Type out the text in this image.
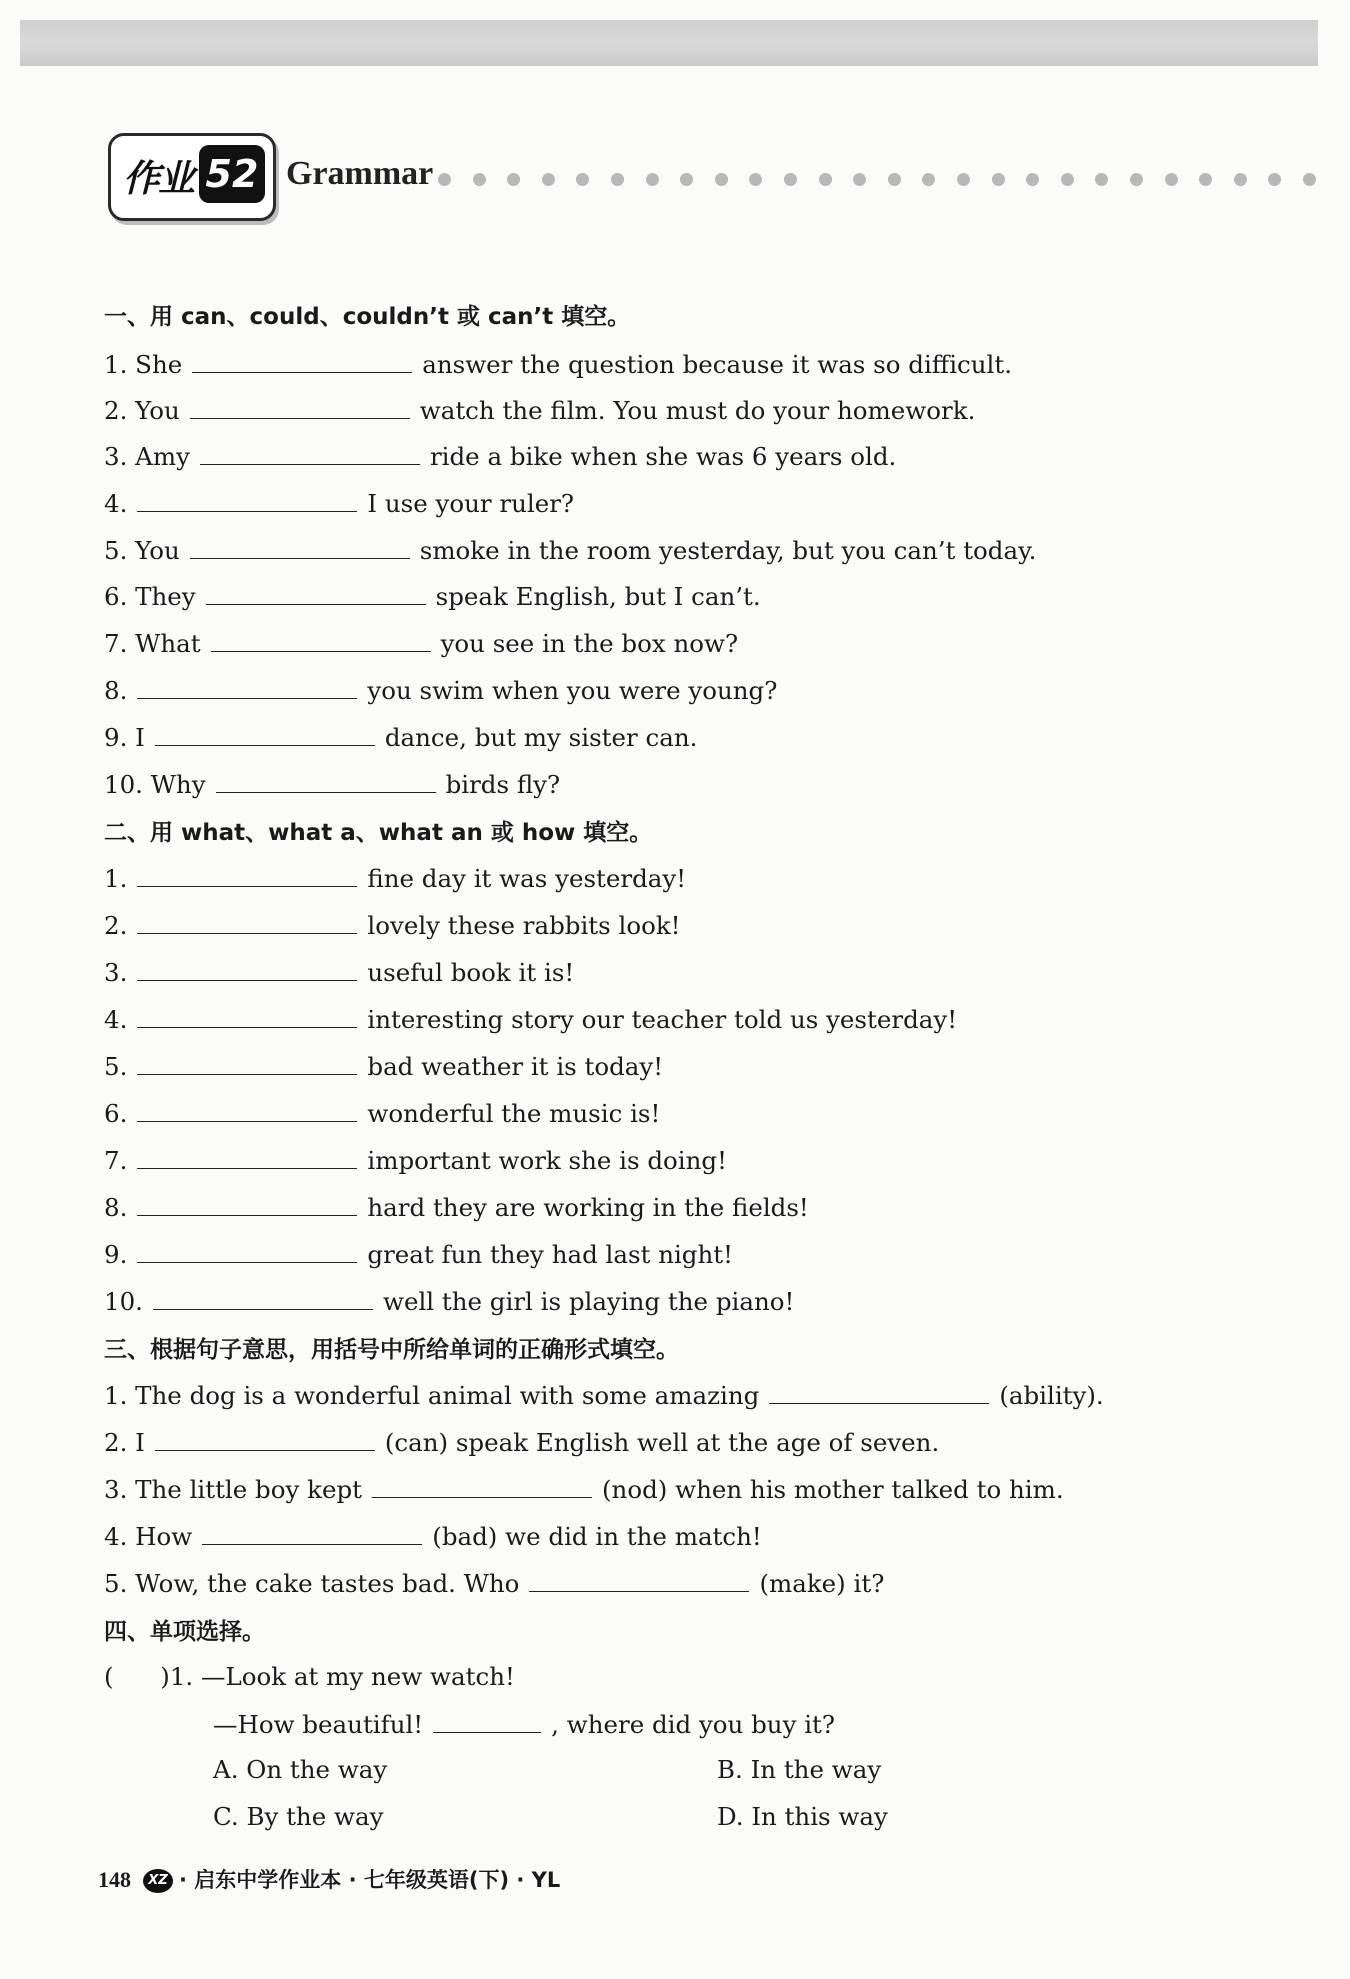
作业 52 Grammar
一、用 can、could、couldn’t 或 can’t 填空。
1. She	answer the question because it was so difficult.
2. You	watch the film. You must do your homework.
3. Amy	ride a bike when she was 6 years old.
4.	I use your ruler?
5. You	smoke in the room yesterday, but you can’t today.
6. They	speak English, but I can’t.
7. What	you see in the box now?
8.	you swim when you were young?
9. I	dance, but my sister can.
10. Why	birds fly?
二、用 what、what a、what an 或 how 填空。
1.	fine day it was yesterday!
2.	lovely these rabbits look!
3.	useful book it is!
4.	interesting story our teacher told us yesterday!
5.	bad weather it is today!
6.	wonderful the music is!
7.	important work she is doing!
8.	hard they are working in the fields!
9.	great fun they had last night!
10.	well the girl is playing the piano!
三、根据句子意思，用括号中所给单词的正确形式填空。
1. The dog is a wonderful animal with some amazing	(ability).
2. I	(can) speak English well at the age of seven.
3. The little boy kept	(nod) when his mother talked to him.
4. How	(bad) we did in the match!
5. Wow, the cake tastes bad. Who	(make) it?
四、单项选择。
(      )1. —Look at my new watch!
—How beautiful!	, where did you buy it?
A. On the way	B. In the way
C. By the way	D. In this way
148 XZ · 启东中学作业本 · 七年级英语(下) · YL
